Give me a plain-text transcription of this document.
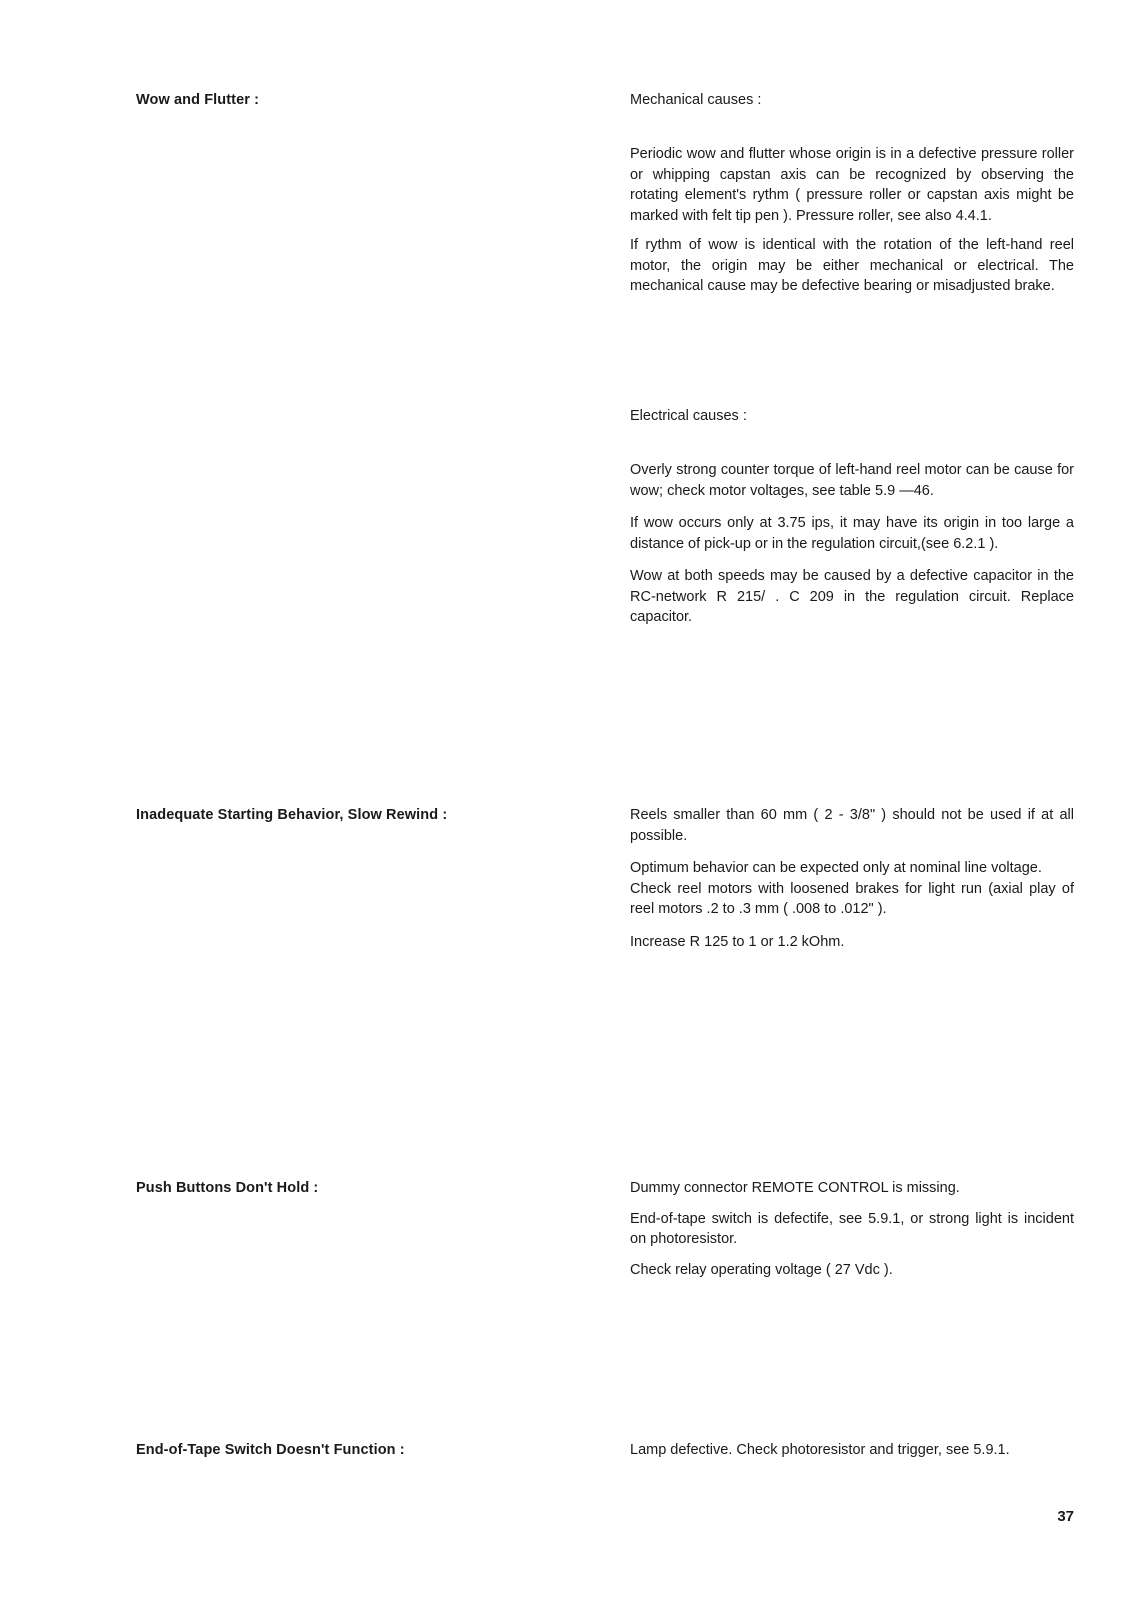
Wow and Flutter :	Mechanical causes :

Periodic wow and flutter whose origin is in a defective pressure roller or whipping capstan axis can be recognized by observing the rotating element's rythm ( pressure roller or capstan axis might be marked with felt tip pen ). Pressure roller, see also 4.4.1.

If rythm of wow is identical with the rotation of the left-hand reel motor, the origin may be either mechanical or electrical. The mechanical cause may be defective bearing or misadjusted brake.

Electrical causes :

Overly strong counter torque of left-hand reel motor can be cause for wow; check motor voltages, see table 5.9 —46.

If wow occurs only at 3.75 ips, it may have its origin in too large a distance of pick-up or in the regulation circuit,(see 6.2.1 ).

Wow at both speeds may be caused by a defective capacitor in the RC-network R 215/ . C 209 in the regulation circuit. Replace capacitor.

Inadequate Starting Behavior, Slow Rewind :	Reels smaller than 60 mm ( 2 - 3/8" ) should not be used if at all possible.

Optimum behavior can be expected only at nominal line voltage.

Check reel motors with loosened brakes for light run (axial play of reel motors .2 to .3 mm ( .008 to .012" ).

Increase R 125 to 1 or 1.2 kOhm.

Push Buttons Don't Hold :	Dummy connector REMOTE CONTROL is missing.

End-of-tape switch is defectife, see 5.9.1, or strong light is incident on photoresistor.

Check relay operating voltage ( 27 Vdc ).

End-of-Tape Switch Doesn't Function :	Lamp defective. Check photoresistor and trigger, see 5.9.1.

37
